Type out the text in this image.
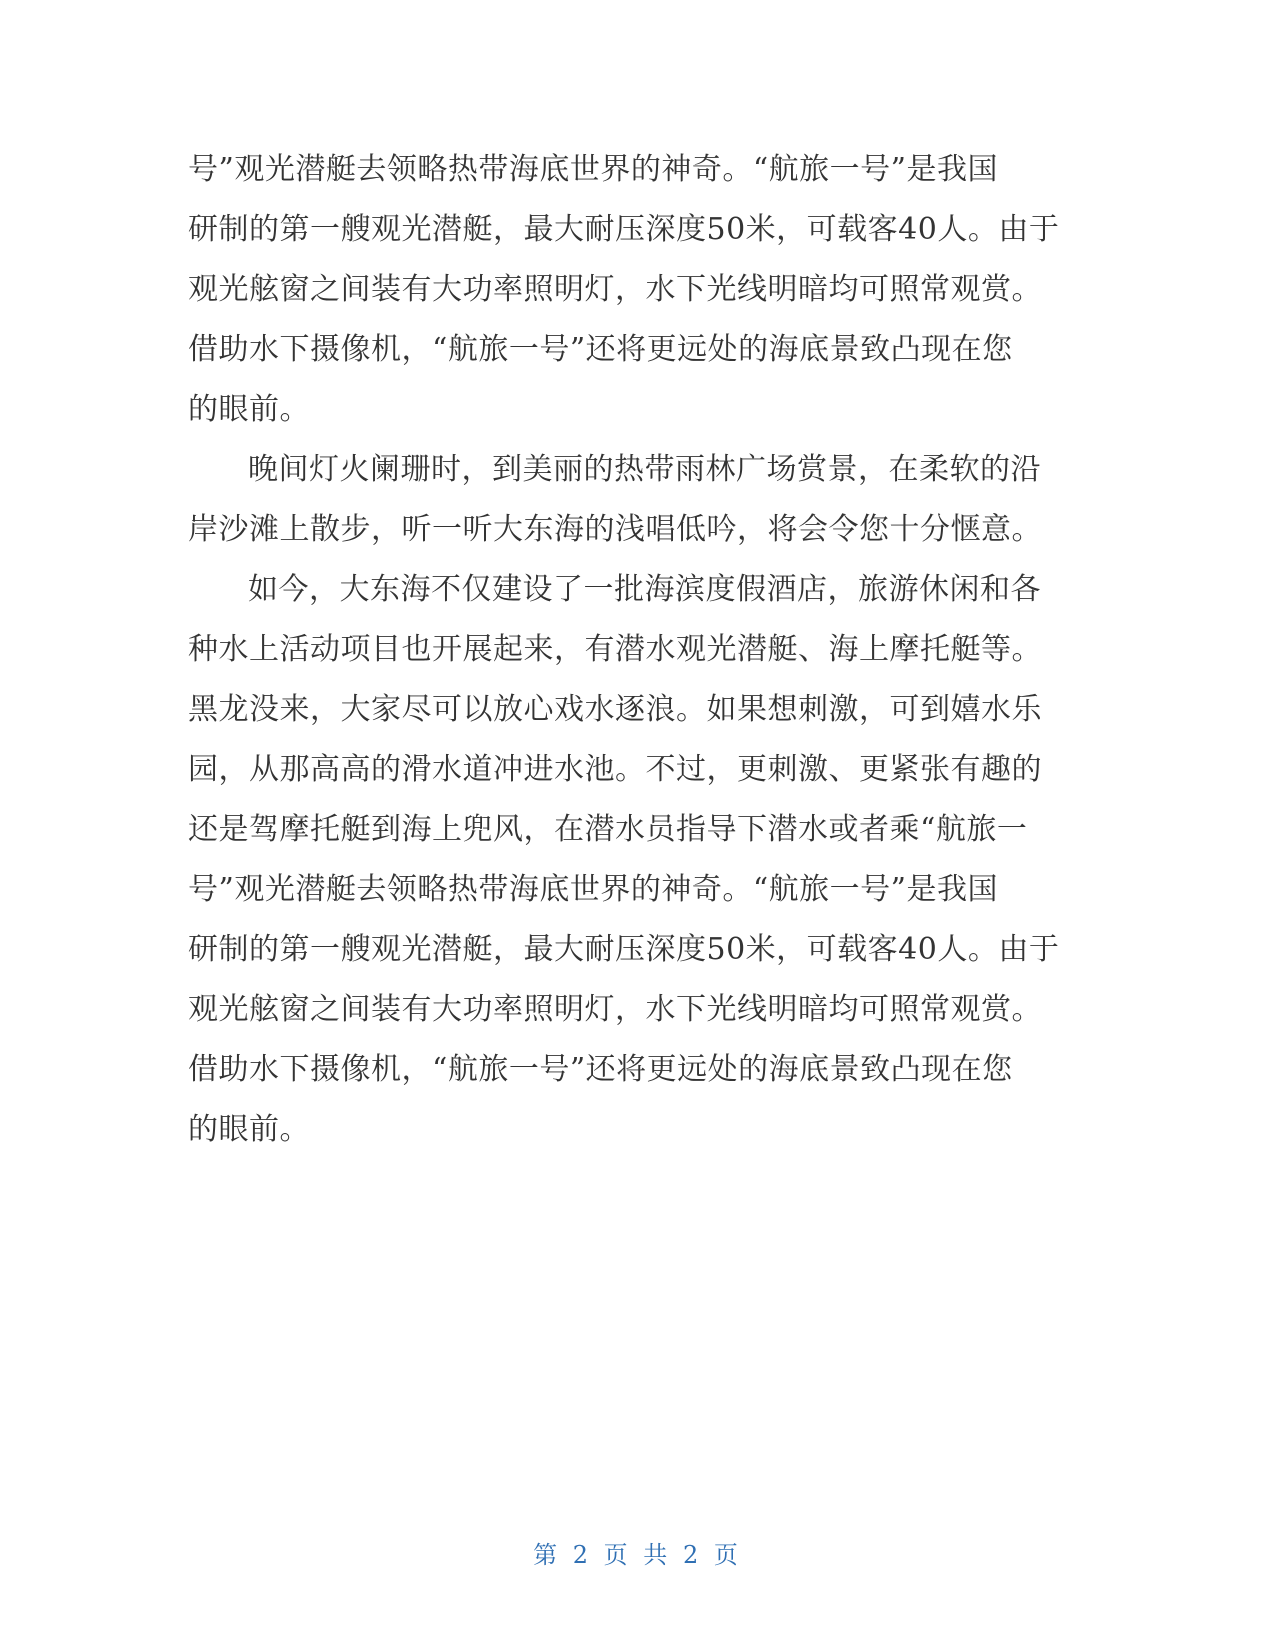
号”观光潜艇去领略热带海底世界的神奇。“航旅一号”是我国
研制的第一艘观光潜艇，最大耐压深度50米，可载客40人。由于
观光舷窗之间装有大功率照明灯，水下光线明暗均可照常观赏。
借助水下摄像机，“航旅一号”还将更远处的海底景致凸现在您
的眼前。

晚间灯火阑珊时，到美丽的热带雨林广场赏景，在柔软的沿
岸沙滩上散步，听一听大东海的浅唱低吟，将会令您十分惬意。

如今，大东海不仅建设了一批海滨度假酒店，旅游休闲和各
种水上活动项目也开展起来，有潜水观光潜艇、海上摩托艇等。
黑龙没来，大家尽可以放心戏水逐浪。如果想刺激，可到嬉水乐
园，从那高高的滑水道冲进水池。不过，更刺激、更紧张有趣的
还是驾摩托艇到海上兜风，在潜水员指导下潜水或者乘“航旅一
号”观光潜艇去领略热带海底世界的神奇。“航旅一号”是我国
研制的第一艘观光潜艇，最大耐压深度50米，可载客40人。由于
观光舷窗之间装有大功率照明灯，水下光线明暗均可照常观赏。
借助水下摄像机，“航旅一号”还将更远处的海底景致凸现在您
的眼前。

第 2 页 共 2 页
